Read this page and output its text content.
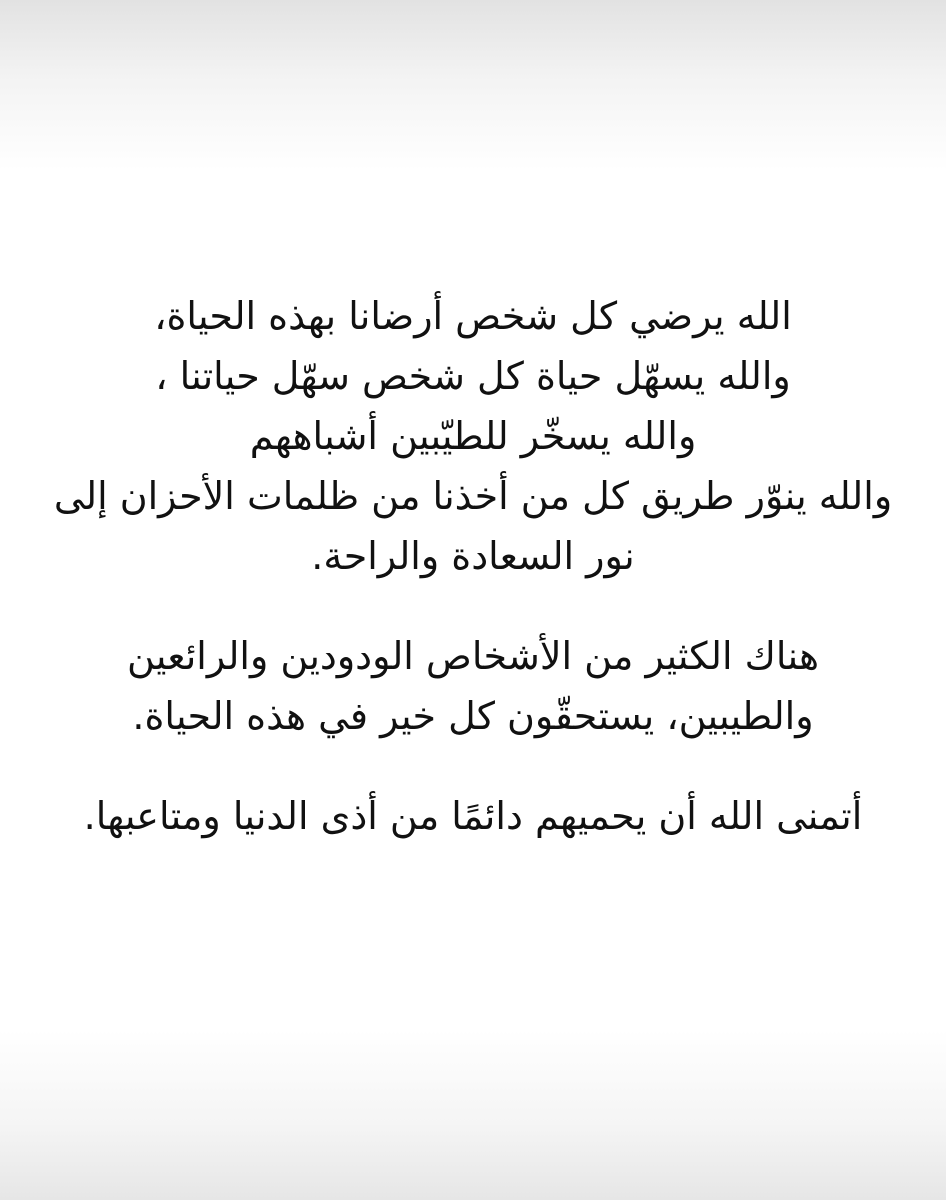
الله يرضي كل شخص أرضانا بهذه الحياة،
والله يسهّل حياة كل شخص سهّل حياتنا ،
والله يسخّر للطيّبين أشباههم
والله ينوّر طريق كل من أخذنا من ظلمات الأحزان إلى
نور السعادة والراحة.
هناك الكثير من الأشخاص الودودين والرائعين
والطيبين، يستحقّون كل خير في هذه الحياة.
أتمنى الله أن يحميهم دائمًا من أذى الدنيا ومتاعبها.
